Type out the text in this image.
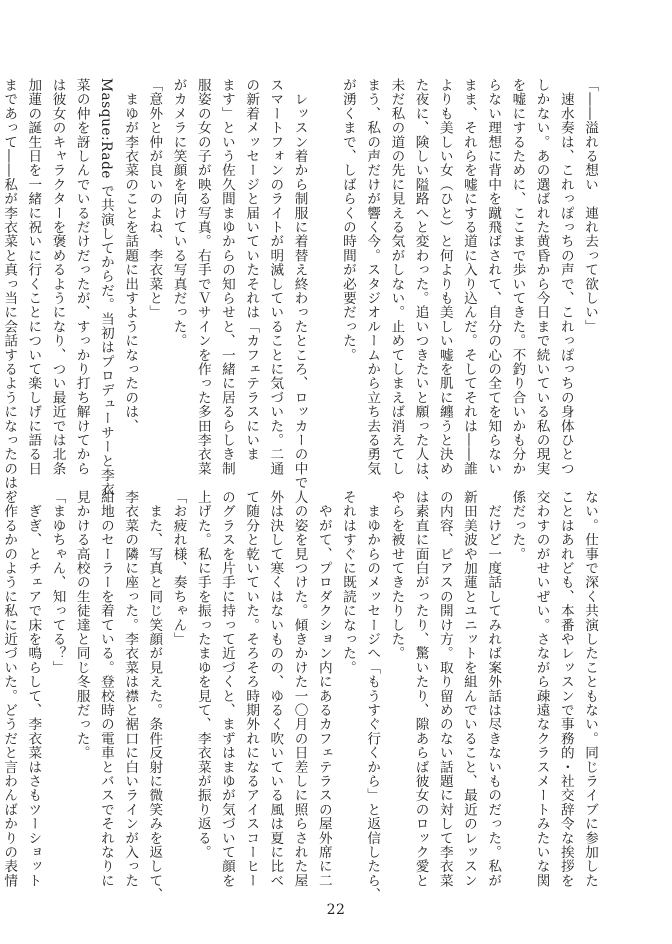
「――溢れる想い　連れ去って欲しい」

　速水奏は、これっぽっちの声で、これっぽっちの身体ひとつ

しかない。あの選ばれた黄昏から今日まで続いている私の現実

を嘘にするために、ここまで歩いてきた。不釣り合いかも分か

らない理想に背中を蹴飛ばされて、自分の心の全てを知らない

まま、それらを嘘にする道に入り込んだ。そしてそれは――誰

よりも美しい女（ひと）と何よりも美しい嘘を肌に纏うと決め

た夜に、険しい隘路へと変わった。追いつきたいと願った人は、

未だ私の道の先に見える気がしない。止めてしまえば消えてし

まう、私の声だけが響く今。スタジオルームから立ち去る勇気

が湧くまで、しばらくの時間が必要だった。

　レッスン着から制服に着替え終わったところ、ロッカーの中で

スマートフォンのライトが明滅していることに気づいた。二通

の新着メッセージと届いていたそれは「カフェテラスにいま

ます」という佐久間まゆからの知らせと、一緒に居るらしき制

服姿の女の子が映る写真。右手でＶサインを作った多田李衣菜

がカメラに笑顔を向けている写真だった。

「意外と仲が良いのよね、李衣菜と」

　まゆが李衣菜のことを話題に出すようになったのは、

Masque:Rade で共演してからだ。当初はプロデューサーと李衣

菜の仲を訝しんでいるだけだったが、すっかり打ち解けてから

は彼女のキャラクターを褒めるようになり、つい最近では北条

加蓮の誕生日を一緒に祝いに行くことについて楽しげに語る日

まであって――私が李衣菜と真っ当に会話するようになったのは、

ない。仕事で深く共演したこともない。同じライブに参加した

ことはあれども、本番やレッスンで事務的・社交辞令な挨拶を

交わすのがせいぜい。さながら疎遠なクラスメートみたいな関

係だった。

　だけど一度話してみれば案外話は尽きないものだった。私が

新田美波や加蓮とユニットを組んでいること、最近のレッスン

の内容、ピアスの開け方。取り留めのない話題に対して李衣菜

は素直に面白がったり、驚いたり、隙あらば彼女のロック愛と

やらを被せてきたりした。

　まゆからのメッセージへ「もうすぐ行くから」と返信したら、

それはすぐに既読になった。

　やがて、プロダクション内にあるカフェテラスの屋外席に二

人の姿を見つけた。傾きかけた一〇月の日差しに照らされた屋

外は決して寒くはないものの、ゆるく吹いている風は夏に比べ

て随分と乾いていた。そろそろ時期外れになるアイスコーヒー

のグラスを片手に持って近づくと、まずはまゆが気づいて顔を

上げた。私に手を振ったまゆを見て、李衣菜が振り返る。

「お疲れ様、奏ちゃん」

　また、写真と同じ笑顔が見えた。条件反射に微笑みを返して、

李衣菜の隣に座った。李衣菜は襟と裾口に白いラインが入った

紺地のセーラーを着ている。登校時の電車とバスでそれなりに

見かける高校の生徒達と同じ冬服だった。

「まゆちゃん、知ってる？」

　ぎぎ、とチェアで床を鳴らして、李衣菜はさもツーショット

を作るかのように私に近づいた。どうだと言わんばかりの表情

22
